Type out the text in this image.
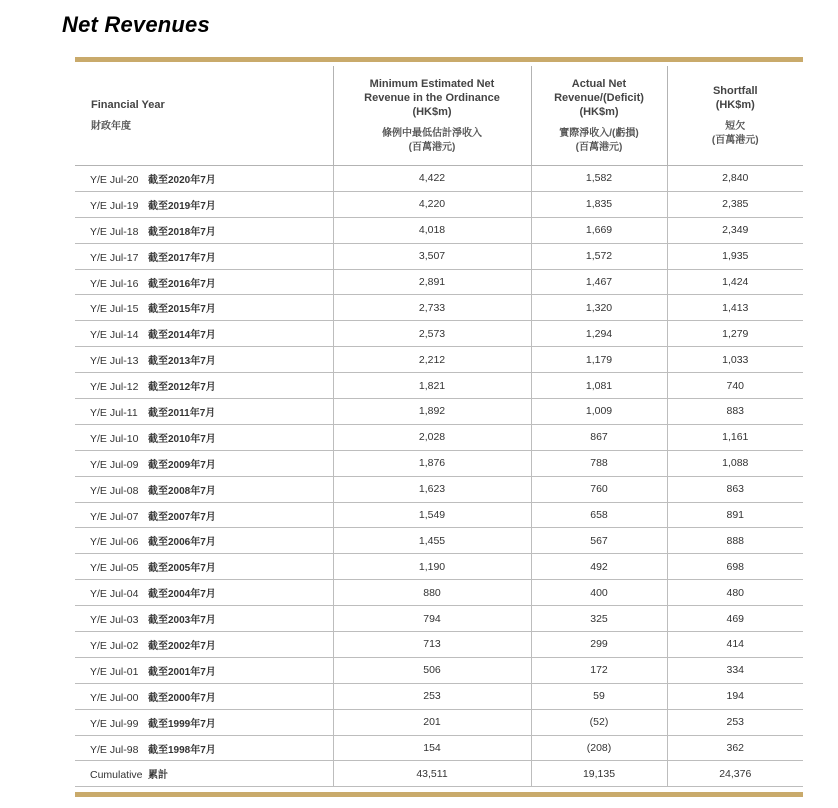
Net Revenues
Financial Year
財政年度	Minimum Estimated Net
Revenue in the Ordinance
(HK$m)
條例中最低估計淨收入
(百萬港元)	Actual Net
Revenue/(Deficit)
(HK$m)
實際淨收入/(虧損)
(百萬港元)	Shortfall
(HK$m)
短欠
(百萬港元)

Y/E Jul-20 截至2020年7月	4,422	1,582	2,840
Y/E Jul-19 截至2019年7月	4,220	1,835	2,385
Y/E Jul-18 截至2018年7月	4,018	1,669	2,349
Y/E Jul-17 截至2017年7月	3,507	1,572	1,935
Y/E Jul-16 截至2016年7月	2,891	1,467	1,424
Y/E Jul-15 截至2015年7月	2,733	1,320	1,413
Y/E Jul-14 截至2014年7月	2,573	1,294	1,279
Y/E Jul-13 截至2013年7月	2,212	1,179	1,033
Y/E Jul-12 截至2012年7月	1,821	1,081	740
Y/E Jul-11 截至2011年7月	1,892	1,009	883
Y/E Jul-10 截至2010年7月	2,028	867	1,161
Y/E Jul-09 截至2009年7月	1,876	788	1,088
Y/E Jul-08 截至2008年7月	1,623	760	863
Y/E Jul-07 截至2007年7月	1,549	658	891
Y/E Jul-06 截至2006年7月	1,455	567	888
Y/E Jul-05 截至2005年7月	1,190	492	698
Y/E Jul-04 截至2004年7月	880	400	480
Y/E Jul-03 截至2003年7月	794	325	469
Y/E Jul-02 截至2002年7月	713	299	414
Y/E Jul-01 截至2001年7月	506	172	334
Y/E Jul-00 截至2000年7月	253	59	194
Y/E Jul-99 截至1999年7月	201	(52)	253
Y/E Jul-98 截至1998年7月	154	(208)	362
Cumulative 累計	43,511	19,135	24,376
